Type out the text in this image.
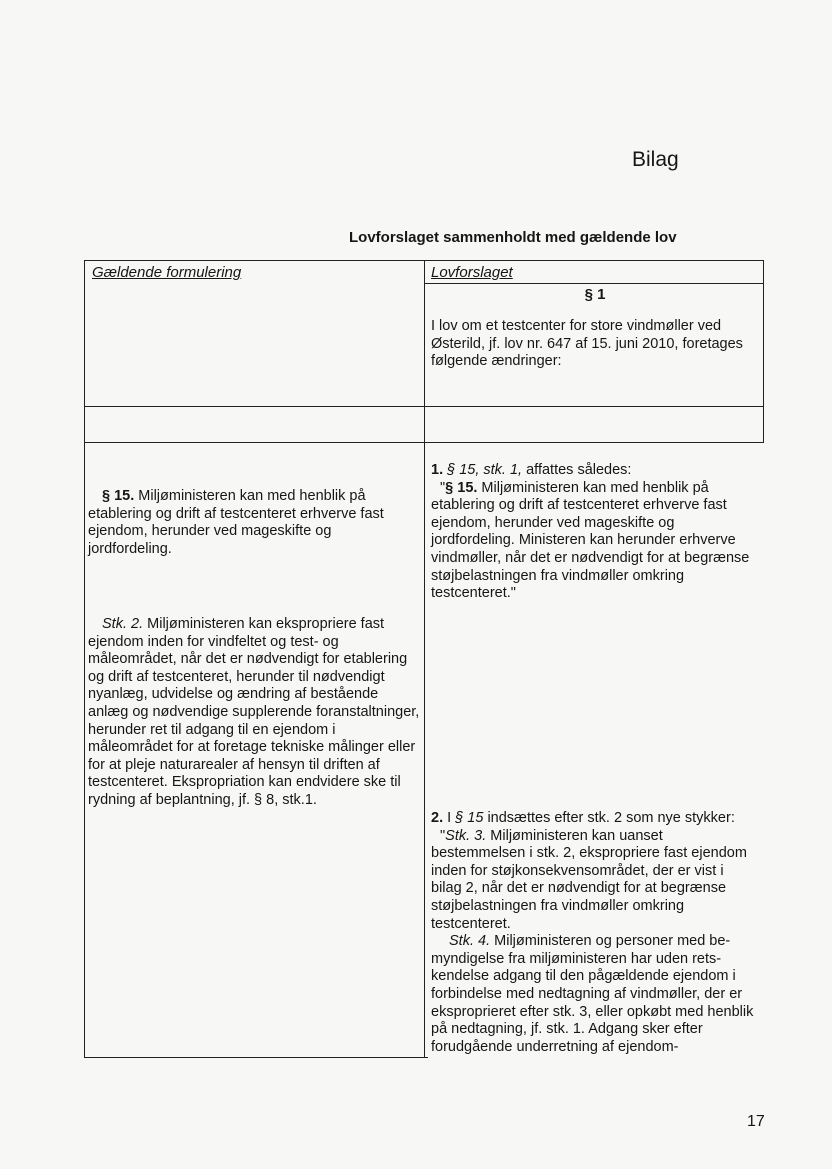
Bilag
Lovforslaget sammenholdt med gældende lov
Gældende formulering	Lovforslaget
§ 1
I lov om et testcenter for store vindmøller ved Østerild, jf. lov nr. 647 af 15. juni 2010, foretages følgende ændringer:
§ 15. Miljøministeren kan med henblik på etablering og drift af testcenteret erhverve fast ejendom, herunder ved mageskifte og jordfordeling.
Stk. 2. Miljøministeren kan ekspropriere fast ejendom inden for vindfeltet og test- og måleområdet, når det er nødvendigt for etablering og drift af testcenteret, herunder til nødvendigt nyanlæg, udvidelse og ændring af bestående anlæg og nødvendige supplerende foranstaltninger, herunder ret til adgang til en ejendom i måleområdet for at foretage tekniske målinger eller for at pleje naturarealer af hensyn til driften af testcenteret. Ekspropriation kan endvidere ske til rydning af beplantning, jf. § 8, stk.1.
1. § 15, stk. 1, affattes således:
"§ 15. Miljøministeren kan med henblik på etablering og drift af testcenteret erhverve fast ejendom, herunder ved mageskifte og jordfordeling. Ministeren kan herunder erhverve vindmøller, når det er nødvendigt for at begrænse støjbelastningen fra vindmøller omkring testcenteret."
2. I § 15 indsættes efter stk. 2 som nye stykker:
"Stk. 3. Miljøministeren kan uanset bestemmelsen i stk. 2, ekspropriere fast ejendom inden for støjkonsekvensområdet, der er vist i bilag 2, når det er nødvendigt for at begrænse støjbelastningen fra vindmøller omkring testcenteret.
Stk. 4. Miljøministeren og personer med be-myndigelse fra miljøministeren har uden rets-kendelse adgang til den pågældende ejendom i forbindelse med nedtagning af vindmøller, der er eksproprieret efter stk. 3, eller opkøbt med henblik på nedtagning, jf. stk. 1. Adgang sker efter forudgående underretning af ejendom-
17
